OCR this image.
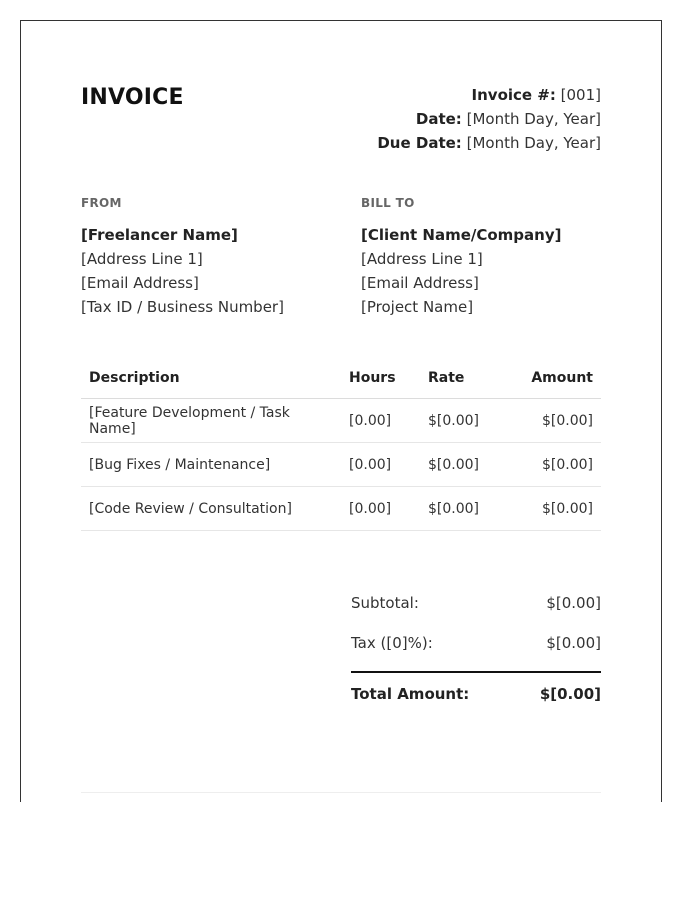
INVOICE	Invoice #: [001]
Date: [Month Day, Year]
Due Date: [Month Day, Year]
FROM
[Freelancer Name]
[Address Line 1]
[Email Address]
[Tax ID / Business Number]
BILL TO
[Client Name/Company]
[Address Line 1]
[Email Address]
[Project Name]
Description	Hours	Rate	Amount
[Feature Development / Task Name]	[0.00]	$[0.00]	$[0.00]
[Bug Fixes / Maintenance]	[0.00]	$[0.00]	$[0.00]
[Code Review / Consultation]	[0.00]	$[0.00]	$[0.00]
Subtotal:	$[0.00]
Tax ([0]%):	$[0.00]
Total Amount:	$[0.00]
